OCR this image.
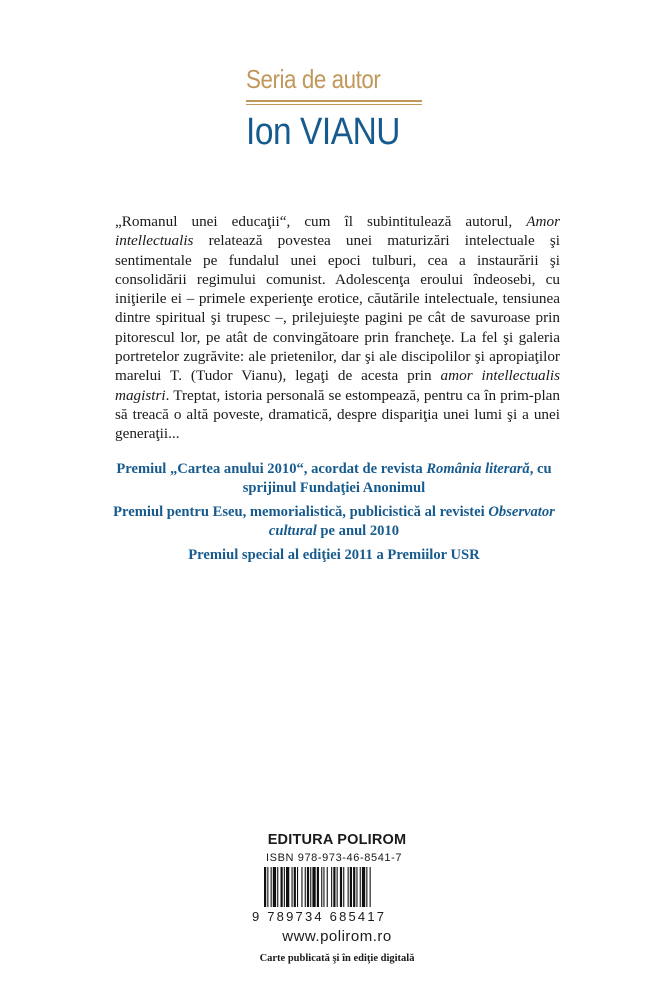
Seria de autor
Ion VIANU
„Romanul unei educaţii“, cum îl subintitulează autorul, Amor intellectualis relatează povestea unei maturizări intelectuale şi sentimentale pe fundalul unei epoci tulburi, cea a instaurării şi consolidării regimului comunist. Adolescenţa eroului îndeosebi, cu iniţierile ei – primele experienţe erotice, căutările intelectuale, tensiunea dintre spiritual şi trupesc –, prilejuieşte pagini pe cât de savuroase prin pitorescul lor, pe atât de convingătoare prin francheţe. La fel şi galeria portretelor zugrăvite: ale prietenilor, dar şi ale discipolilor şi apropiaţilor marelui T. (Tudor Vianu), legaţi de acesta prin amor intellectualis magistri. Treptat, istoria personală se estompează, pentru ca în prim-plan să treacă o altă poveste, dramatică, despre dispariţia unei lumi şi a unei generaţii...
Premiul „Cartea anului 2010“, acordat de revista România literară, cu sprijinul Fundaţiei Anonimul
Premiul pentru Eseu, memorialistică, publicistică al revistei Observator cultural pe anul 2010
Premiul special al ediţiei 2011 a Premiilor USR
EDITURA POLIROM
ISBN 978-973-46-8541-7
9 789734 685417
www.polirom.ro
Carte publicată şi în ediţie digitală
